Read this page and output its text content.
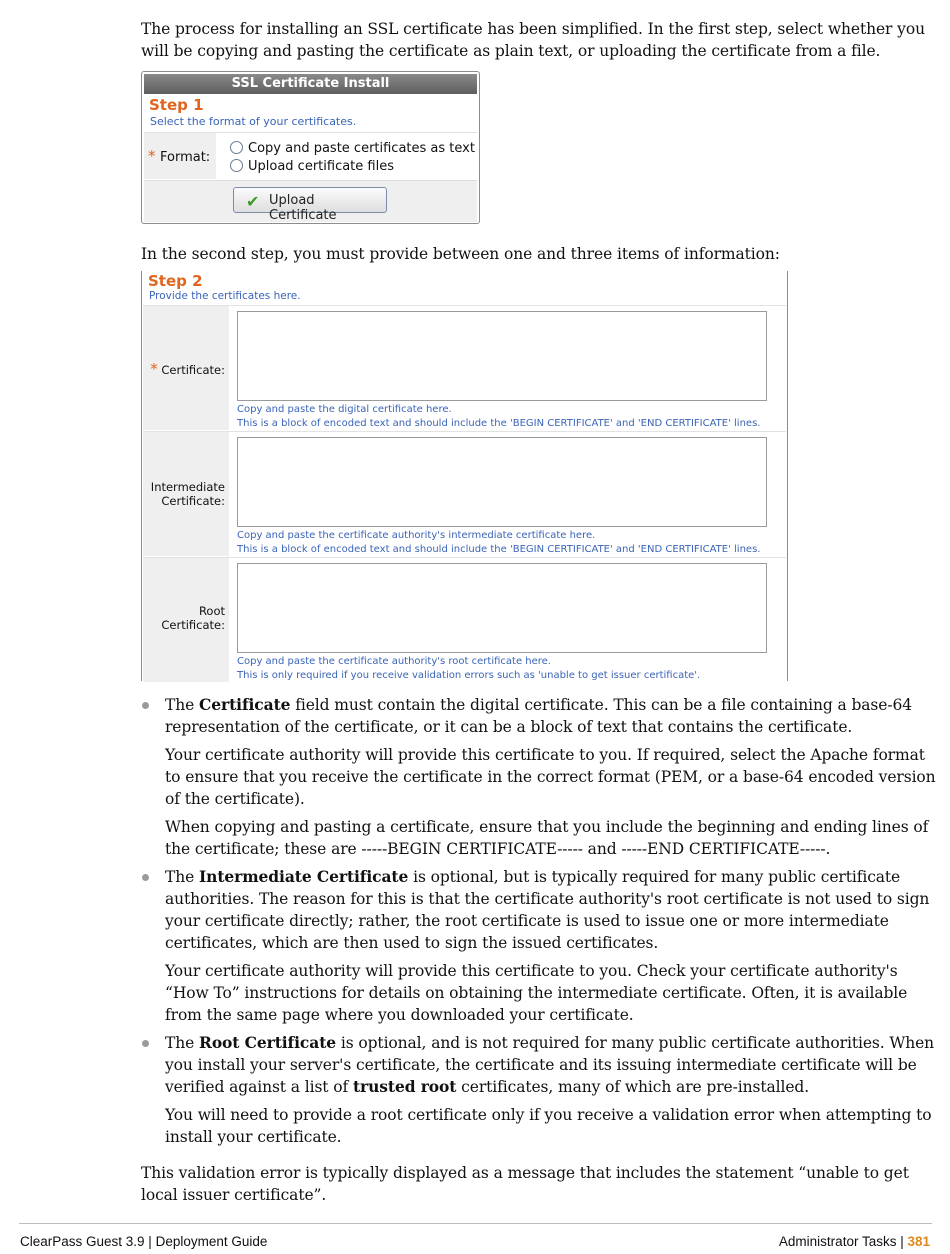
The process for installing an SSL certificate has been simplified. In the first step, select whether you will be copying and pasting the certificate as plain text, or uploading the certificate from a file.

SSL Certificate Install
Step 1
Select the format of your certificates.
* Format:
Copy and paste certificates as text
Upload certificate files
✔ Upload Certificate

In the second step, you must provide between one and three items of information:

Step 2
Provide the certificates here.
* Certificate:
Copy and paste the digital certificate here.
This is a block of encoded text and should include the 'BEGIN CERTIFICATE' and 'END CERTIFICATE' lines.
Intermediate
Certificate:
Copy and paste the certificate authority's intermediate certificate here.
This is a block of encoded text and should include the 'BEGIN CERTIFICATE' and 'END CERTIFICATE' lines.
Root
Certificate:
Copy and paste the certificate authority's root certificate here.
This is only required if you receive validation errors such as 'unable to get issuer certificate'.

The Certificate field must contain the digital certificate. This can be a file containing a base-64 representation of the certificate, or it can be a block of text that contains the certificate.

Your certificate authority will provide this certificate to you. If required, select the Apache format to ensure that you receive the certificate in the correct format (PEM, or a base-64 encoded version of the certificate).

When copying and pasting a certificate, ensure that you include the beginning and ending lines of the certificate; these are -----BEGIN CERTIFICATE----- and -----END CERTIFICATE-----.

The Intermediate Certificate is optional, but is typically required for many public certificate authorities. The reason for this is that the certificate authority's root certificate is not used to sign your certificate directly; rather, the root certificate is used to issue one or more intermediate certificates, which are then used to sign the issued certificates.

Your certificate authority will provide this certificate to you. Check your certificate authority's “How To” instructions for details on obtaining the intermediate certificate. Often, it is available from the same page where you downloaded your certificate.

The Root Certificate is optional, and is not required for many public certificate authorities. When you install your server's certificate, the certificate and its issuing intermediate certificate will be verified against a list of trusted root certificates, many of which are pre-installed.

You will need to provide a root certificate only if you receive a validation error when attempting to install your certificate.

This validation error is typically displayed as a message that includes the statement “unable to get local issuer certificate”.

ClearPass Guest 3.9 | Deployment Guide	Administrator Tasks | 381
